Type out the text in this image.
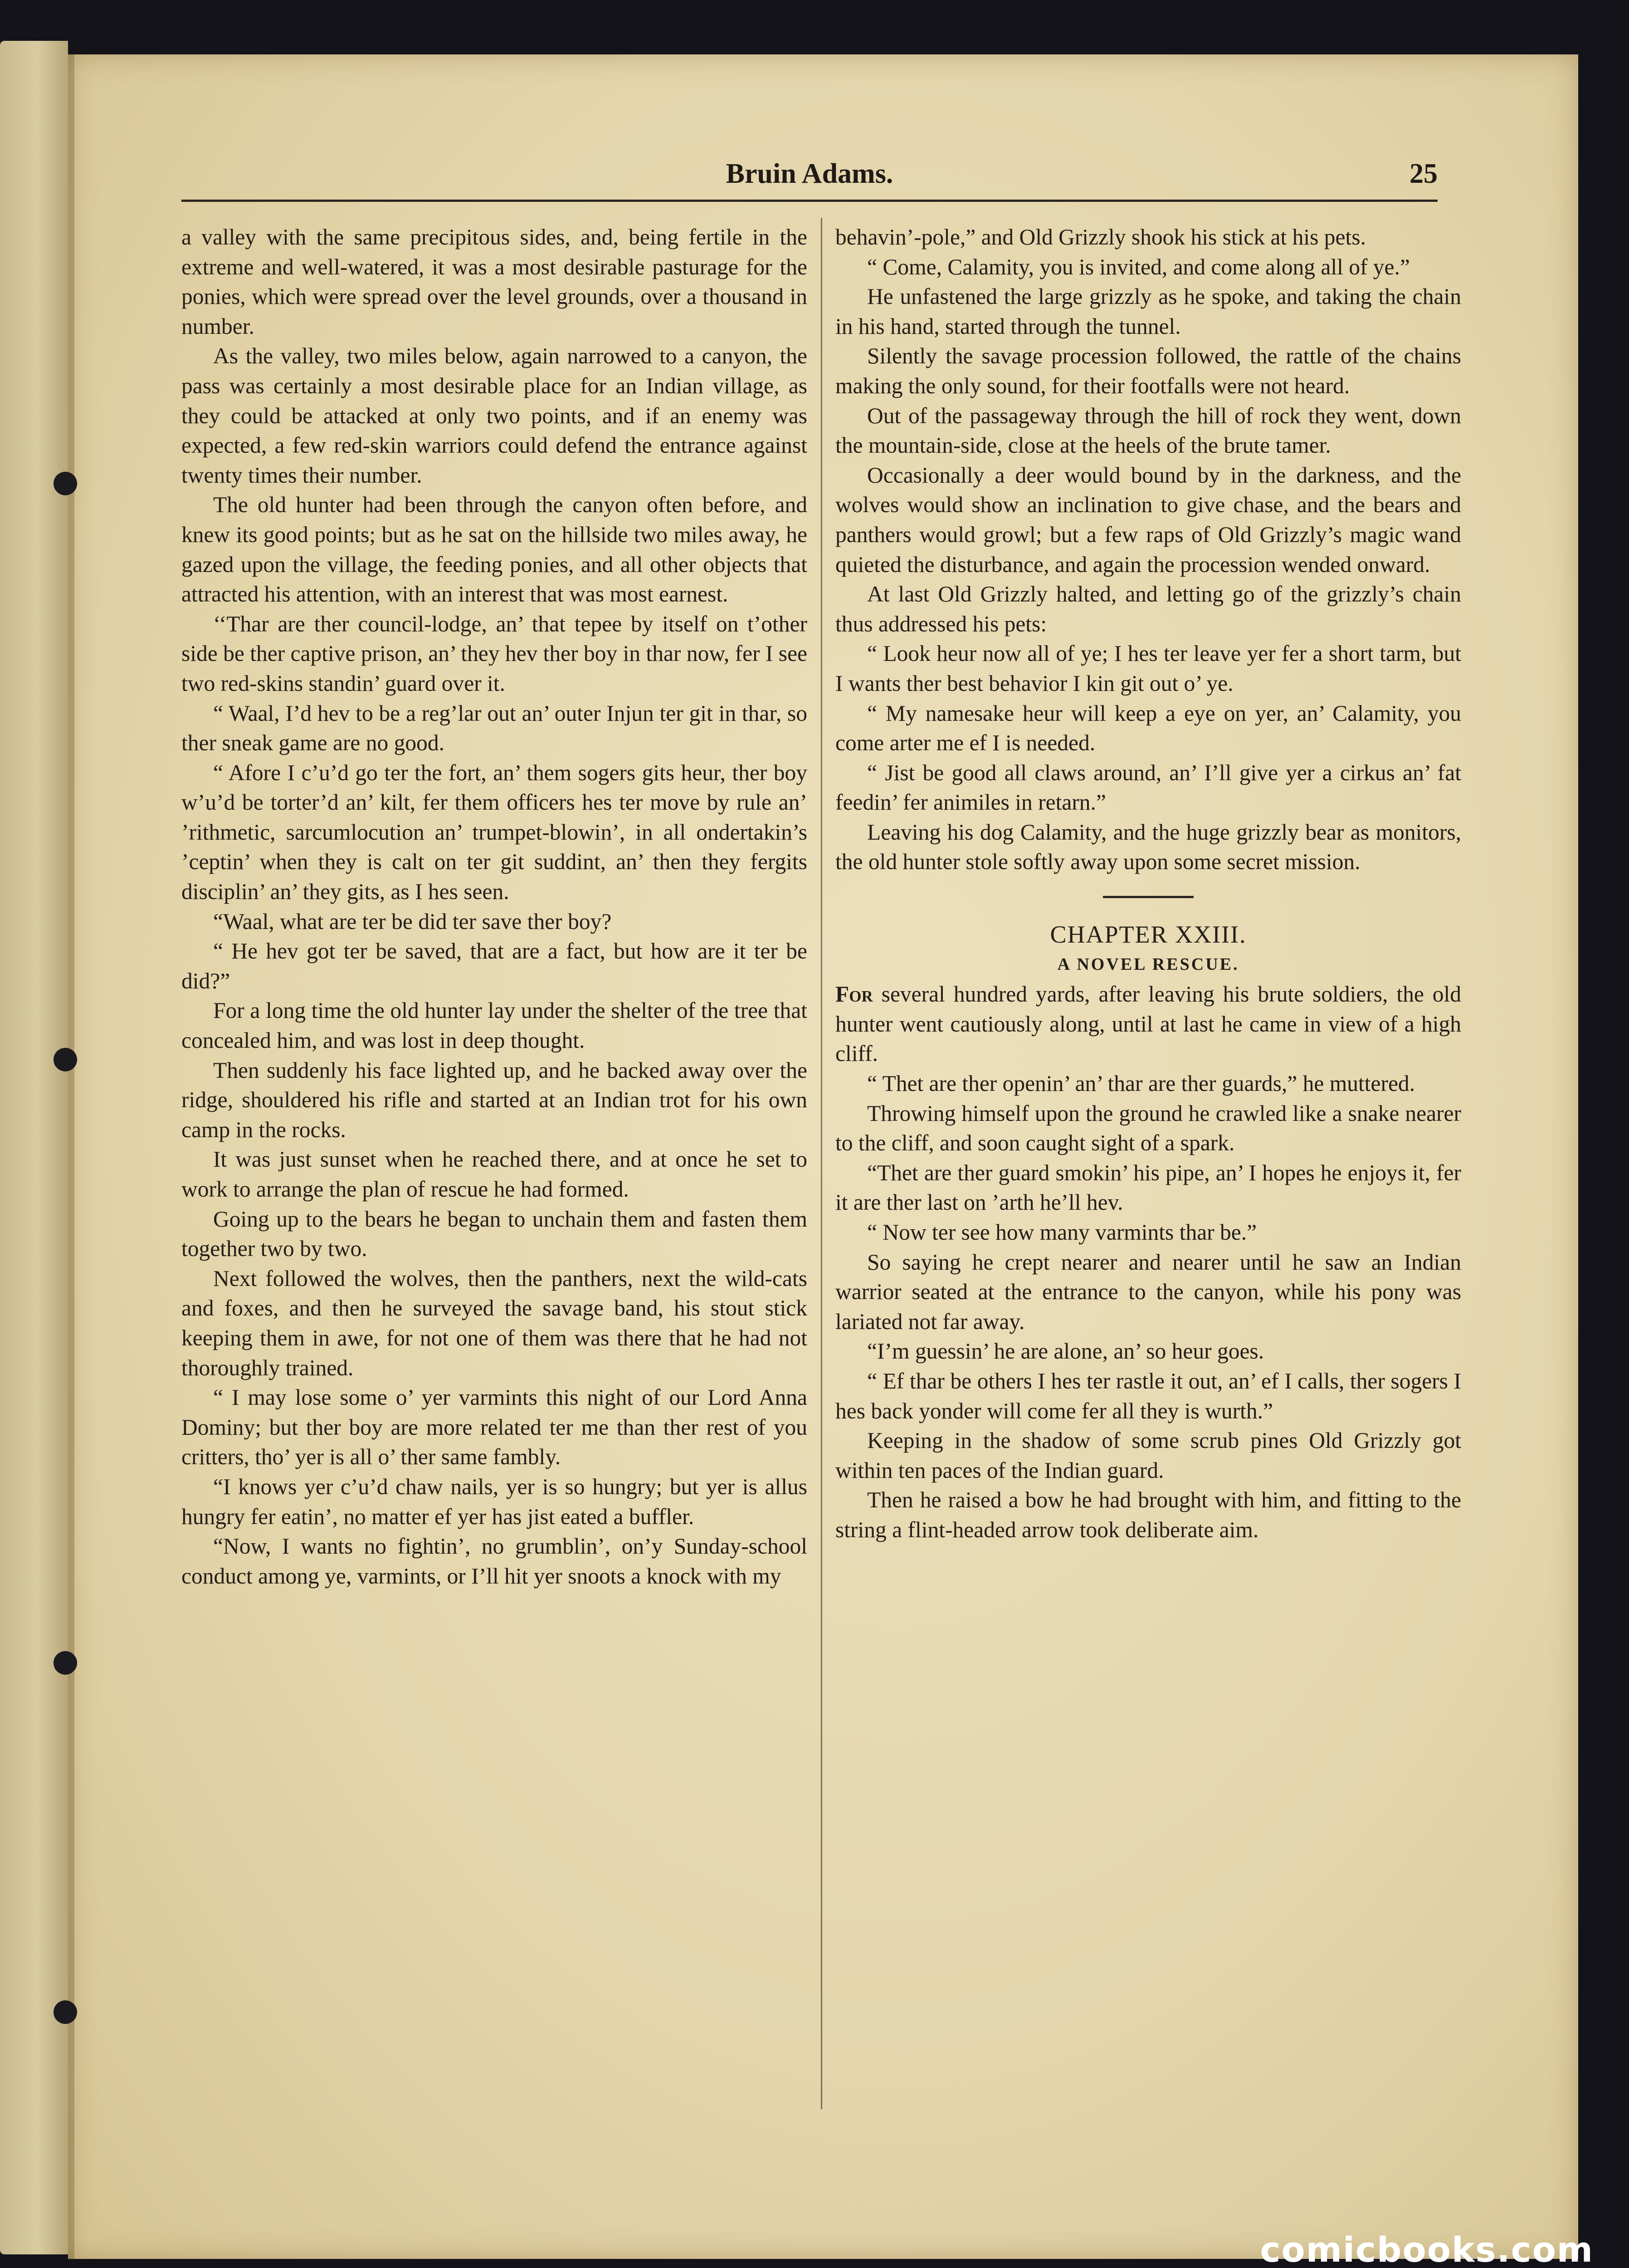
Bruin Adams.	25

a valley with the same precipitous sides, and, being fertile in the extreme and well-watered, it was a most desirable pasturage for the ponies, which were spread over the level grounds, over a thousand in number.

As the valley, two miles below, again narrowed to a canyon, the pass was certainly a most desirable place for an Indian village, as they could be attacked at only two points, and if an enemy was expected, a few red-skin warriors could defend the entrance against twenty times their number.

The old hunter had been through the canyon often before, and knew its good points; but as he sat on the hillside two miles away, he gazed upon the village, the feeding ponies, and all other objects that attracted his attention, with an interest that was most earnest.

‘‘Thar are ther council-lodge, an’ that tepee by itself on t’other side be ther captive prison, an’ they hev ther boy in thar now, fer I see two red-skins standin’ guard over it.

“ Waal, I’d hev to be a reg’lar out an’ outer Injun ter git in thar, so ther sneak game are no good.

“ Afore I c’u’d go ter the fort, an’ them sogers gits heur, ther boy w’u’d be torter’d an’ kilt, fer them officers hes ter move by rule an’ ’rithmetic, sarcumlocution an’ trumpet-blowin’, in all ondertakin’s ’ceptin’ when they is calt on ter git suddint, an’ then they fergits disciplin’ an’ they gits, as I hes seen.

“Waal, what are ter be did ter save ther boy?

“ He hev got ter be saved, that are a fact, but how are it ter be did?”

For a long time the old hunter lay under the shelter of the tree that concealed him, and was lost in deep thought.

Then suddenly his face lighted up, and he backed away over the ridge, shouldered his rifle and started at an Indian trot for his own camp in the rocks.

It was just sunset when he reached there, and at once he set to work to arrange the plan of rescue he had formed.

Going up to the bears he began to unchain them and fasten them together two by two.

Next followed the wolves, then the panthers, next the wild-cats and foxes, and then he surveyed the savage band, his stout stick keeping them in awe, for not one of them was there that he had not thoroughly trained.

“ I may lose some o’ yer varmints this night of our Lord Anna Dominy; but ther boy are more related ter me than ther rest of you critters, tho’ yer is all o’ ther same fambly.

“I knows yer c’u’d chaw nails, yer is so hungry; but yer is allus hungry fer eatin’, no matter ef yer has jist eated a buffler.

“Now, I wants no fightin’, no grumblin’, on’y Sunday-school conduct among ye, varmints, or I’ll hit yer snoots a knock with my

behavin’-pole,” and Old Grizzly shook his stick at his pets.

“ Come, Calamity, you is invited, and come along all of ye.”

He unfastened the large grizzly as he spoke, and taking the chain in his hand, started through the tunnel.

Silently the savage procession followed, the rattle of the chains making the only sound, for their footfalls were not heard.

Out of the passageway through the hill of rock they went, down the mountain-side, close at the heels of the brute tamer.

Occasionally a deer would bound by in the darkness, and the wolves would show an inclination to give chase, and the bears and panthers would growl; but a few raps of Old Grizzly’s magic wand quieted the disturbance, and again the procession wended onward.

At last Old Grizzly halted, and letting go of the grizzly’s chain thus addressed his pets:

“ Look heur now all of ye; I hes ter leave yer fer a short tarm, but I wants ther best behavior I kin git out o’ ye.

“ My namesake heur will keep a eye on yer, an’ Calamity, you come arter me ef I is needed.

“ Jist be good all claws around, an’ I’ll give yer a cirkus an’ fat feedin’ fer animiles in retarn.”

Leaving his dog Calamity, and the huge grizzly bear as monitors, the old hunter stole softly away upon some secret mission.

CHAPTER XXIII.

A NOVEL RESCUE.

For several hundred yards, after leaving his brute soldiers, the old hunter went cautiously along, until at last he came in view of a high cliff.

“ Thet are ther openin’ an’ thar are ther guards,” he muttered.

Throwing himself upon the ground he crawled like a snake nearer to the cliff, and soon caught sight of a spark.

“Thet are ther guard smokin’ his pipe, an’ I hopes he enjoys it, fer it are ther last on ’arth he’ll hev.

“ Now ter see how many varmints thar be.”

So saying he crept nearer and nearer until he saw an Indian warrior seated at the entrance to the canyon, while his pony was lariated not far away.

“I’m guessin’ he are alone, an’ so heur goes.

“ Ef thar be others I hes ter rastle it out, an’ ef I calls, ther sogers I hes back yonder will come fer all they is wurth.”

Keeping in the shadow of some scrub pines Old Grizzly got within ten paces of the Indian guard.

Then he raised a bow he had brought with him, and fitting to the string a flint-headed arrow took deliberate aim.

comicbooks.com
